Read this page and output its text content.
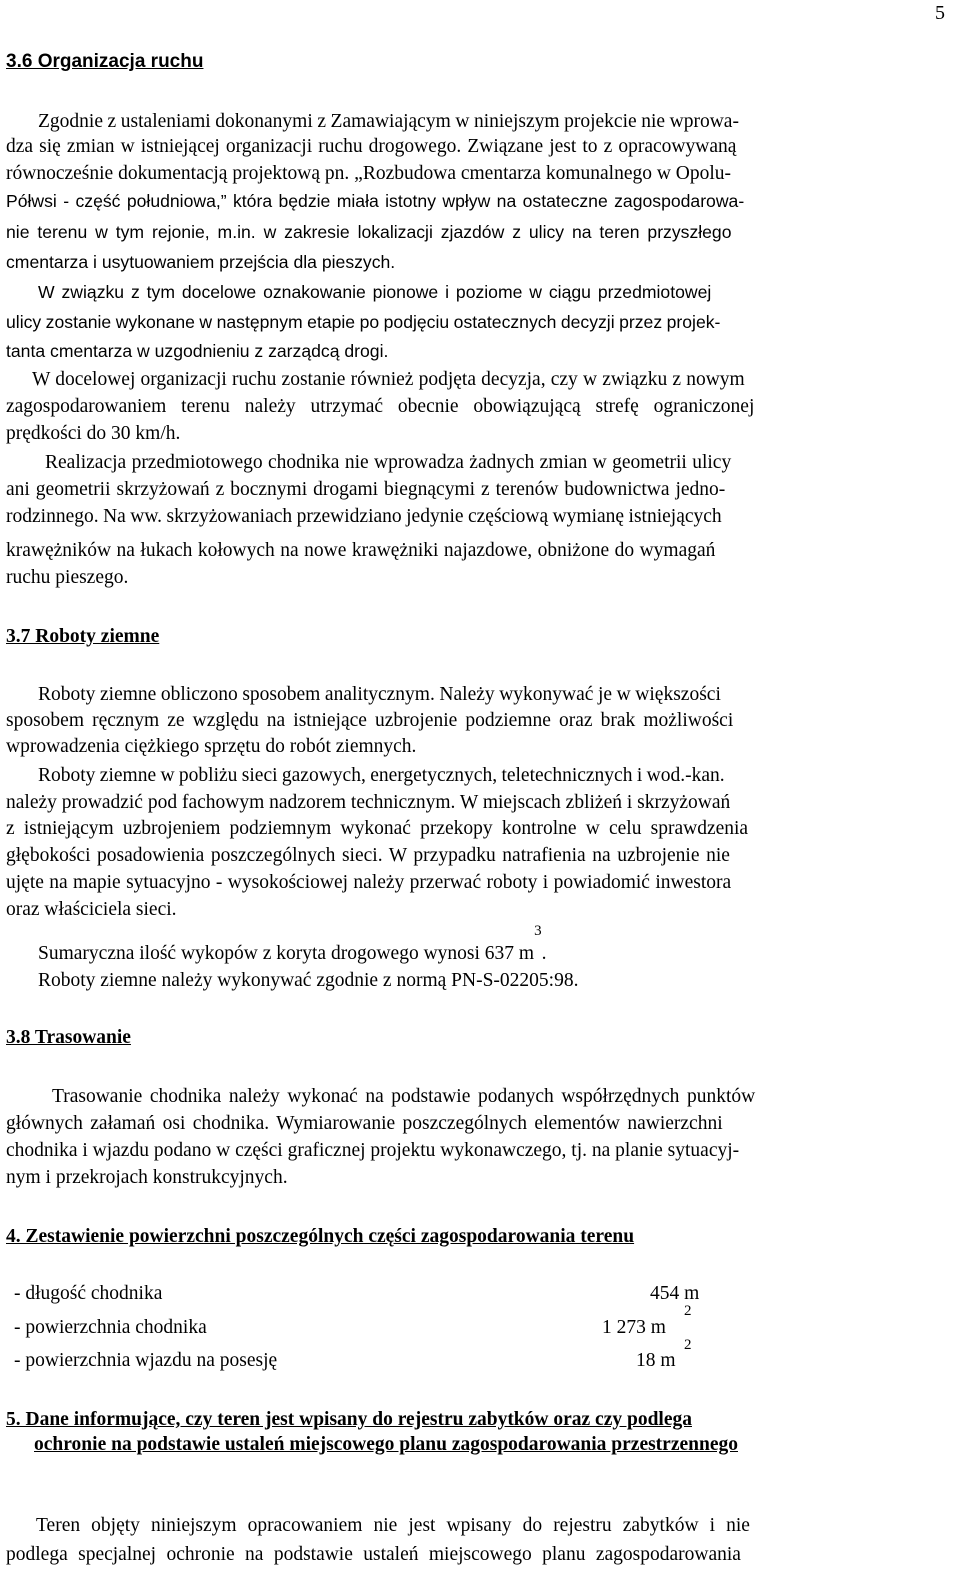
5
3.6 Organizacja ruchu
Zgodnie z ustaleniami dokonanymi z Zamawiającym w niniejszym projekcie nie wprowa-
dza się zmian w istniejącej organizacji ruchu drogowego. Związane jest to z opracowywaną
równocześnie dokumentacją projektową pn. „Rozbudowa cmentarza komunalnego w Opolu-
Półwsi - część południowa,” która będzie miała istotny wpływ na ostateczne zagospodarowa-
nie terenu w tym rejonie, m.in. w zakresie lokalizacji zjazdów z ulicy na teren przyszłego
cmentarza i usytuowaniem przejścia dla pieszych.
W związku z tym docelowe oznakowanie pionowe i poziome w ciągu przedmiotowej
ulicy zostanie wykonane w następnym etapie po podjęciu ostatecznych decyzji przez projek-
tanta cmentarza w uzgodnieniu z zarządcą drogi.
W docelowej organizacji ruchu zostanie również podjęta decyzja, czy w związku z nowym
zagospodarowaniem terenu należy utrzymać obecnie obowiązującą strefę ograniczonej
prędkości do 30 km/h.
Realizacja przedmiotowego chodnika nie wprowadza żadnych zmian w geometrii ulicy
ani geometrii skrzyżowań z bocznymi drogami biegnącymi z terenów budownictwa jedno-
rodzinnego. Na ww. skrzyżowaniach przewidziano jedynie częściową wymianę istniejących
krawężników na łukach kołowych na nowe krawężniki najazdowe, obniżone do wymagań
ruchu pieszego.
3.7 Roboty ziemne
Roboty ziemne obliczono sposobem analitycznym. Należy wykonywać je w większości
sposobem ręcznym ze względu na istniejące uzbrojenie podziemne oraz brak możliwości
wprowadzenia ciężkiego sprzętu do robót ziemnych.
Roboty ziemne w pobliżu sieci gazowych, energetycznych, teletechnicznych i wod.-kan.
należy prowadzić pod fachowym nadzorem technicznym. W miejscach zbliżeń i skrzyżowań
z istniejącym uzbrojeniem podziemnym wykonać przekopy kontrolne w celu sprawdzenia
głębokości posadowienia poszczególnych sieci. W przypadku natrafienia na uzbrojenie nie
ujęte na mapie sytuacyjno - wysokościowej należy przerwać roboty i powiadomić inwestora
oraz właściciela sieci.
Sumaryczna ilość wykopów z koryta drogowego wynosi 637 $m^3$.
Roboty ziemne należy wykonywać zgodnie z normą PN-S-02205:98.
3.8 Trasowanie
Trasowanie chodnika należy wykonać na podstawie podanych współrzędnych punktów
głównych załamań osi chodnika. Wymiarowanie poszczególnych elementów nawierzchni
chodnika i wjazdu podano w części graficznej projektu wykonawczego, tj. na planie sytuacyj-
nym i przekrojach konstrukcyjnych.
4. Zestawienie powierzchni poszczególnych części zagospodarowania terenu
- długość chodnika	454 m
- powierzchnia chodnika	1 273 m
2
- powierzchnia wjazdu na posesję	18 m
2
5. Dane informujące, czy teren jest wpisany do rejestru zabytków oraz czy podlega
ochronie na podstawie ustaleń miejscowego planu zagospodarowania przestrzennego
Teren objęty niniejszym opracowaniem nie jest wpisany do rejestru zabytków i nie
podlega specjalnej ochronie na podstawie ustaleń miejscowego planu zagospodarowania
